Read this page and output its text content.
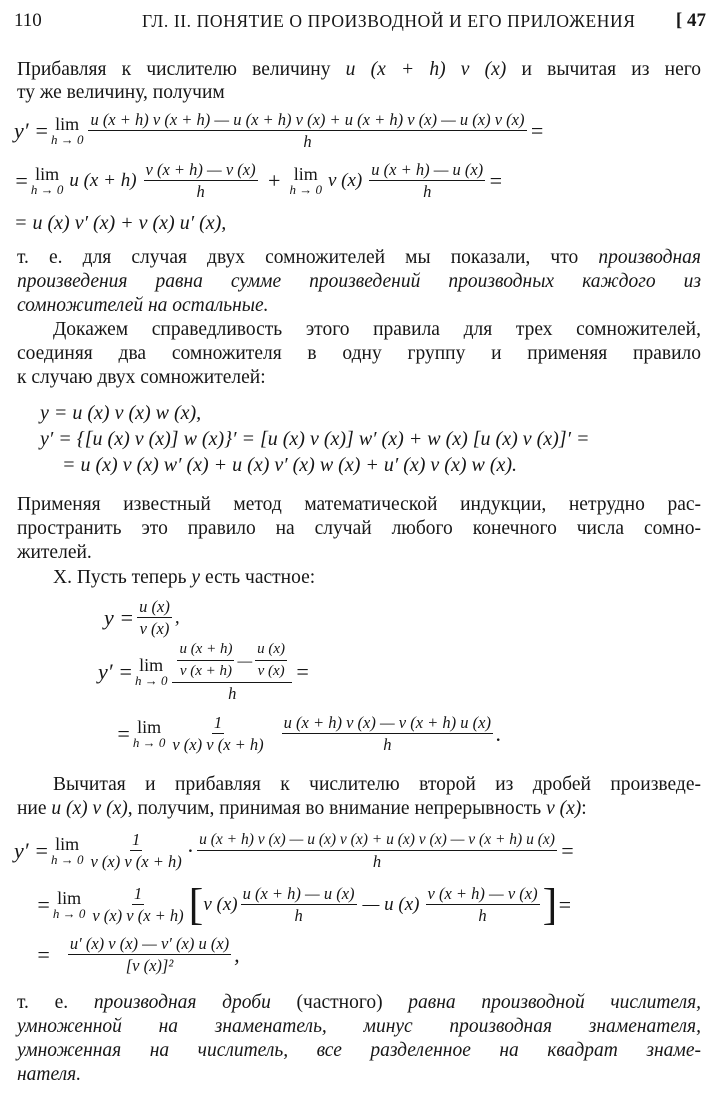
110	ГЛ. II. ПОНЯТИЕ О ПРОИЗВОДНОЙ И ЕГО ПРИЛОЖЕНИЯ [ 47
Прибавляя к числителю величину u (x + h) v (x) и вычитая из него
ту же величину, получим
y′ = lim
h → 0
u (x + h) v (x + h) — u (x + h) v (x) + u (x + h) v (x) — u (x) v (x)
h	=
= lim
h → 0 u $(x + h) \frac{v (x + h) — v (x)}{h} + \lim$
h → 0 v $(x) \frac{u (x + h) — u (x)}{h}$ =
= u (x) v′ (x) + v (x) u′ (x),
т. е. для случая двух сомножителей мы показали, что производная
произведения равна сумме произведений производных каждого из
сомножителей на остальные.
Докажем справедливость этого правила для трех сомножителей,
соединяя два сомножителя в одну группу и применяя правило
к случаю двух сомножителей:
y = u (x) v (x) w (x),
y′ = {[u (x) v (x)] w (x)}′ = [u (x) v (x)] w′ (x) + w (x) [u (x) v (x)]′ =
= u (x) v (x) w′ (x) + u (x) v′ (x) w (x) + u′ (x) v (x) w (x).
Применяя известный метод математической индукции, нетрудно рас-
пространить это правило на случай любого конечного числа сомно-
жителей.
X. Пусть теперь y есть частное:
$y = \frac{u (x)}{v (x)}$ ,
y′ = lim
$h \to 0 \frac{\frac{u (x + h)}{v (x + h)} — \frac{u (x)}{v (x)}}{h}$ =
= lim
$h \to 0 \frac{1}{v (x) v (x + h)} \frac{u (x + h) v (x) — v (x + h) u (x)}{h}$ .
Вычитая и прибавляя к числителю второй из дробей произведе-
ние u (x) v (x), получим, принимая во внимание непрерывность v (x):
y′ = lim
$h \to 0 \frac{1}{v (x) v (x + h)} \cdot u$ (x + h) v (x) — u (x) v (x) + u (x) v (x) — v (x + h) u (x)
h	=
= lim
$h \to 0 \frac{1}{v (x) v (x + h)}$ [ v $(x) \frac{u (x + h) — u (x)}{h}$ — u $(x) \frac{v (x + h) — v (x)}{h}$ ] =
= $\frac{u' (x) v (x) — v' (x) u (x)}{\text{[v (x)]²}}$ ,
т. е. производная дроби (частного) равна производной числителя,
умноженной на знаменатель, минус производная знаменателя,
умноженная на числитель, все разделенное на квадрат знаме-
нателя.
